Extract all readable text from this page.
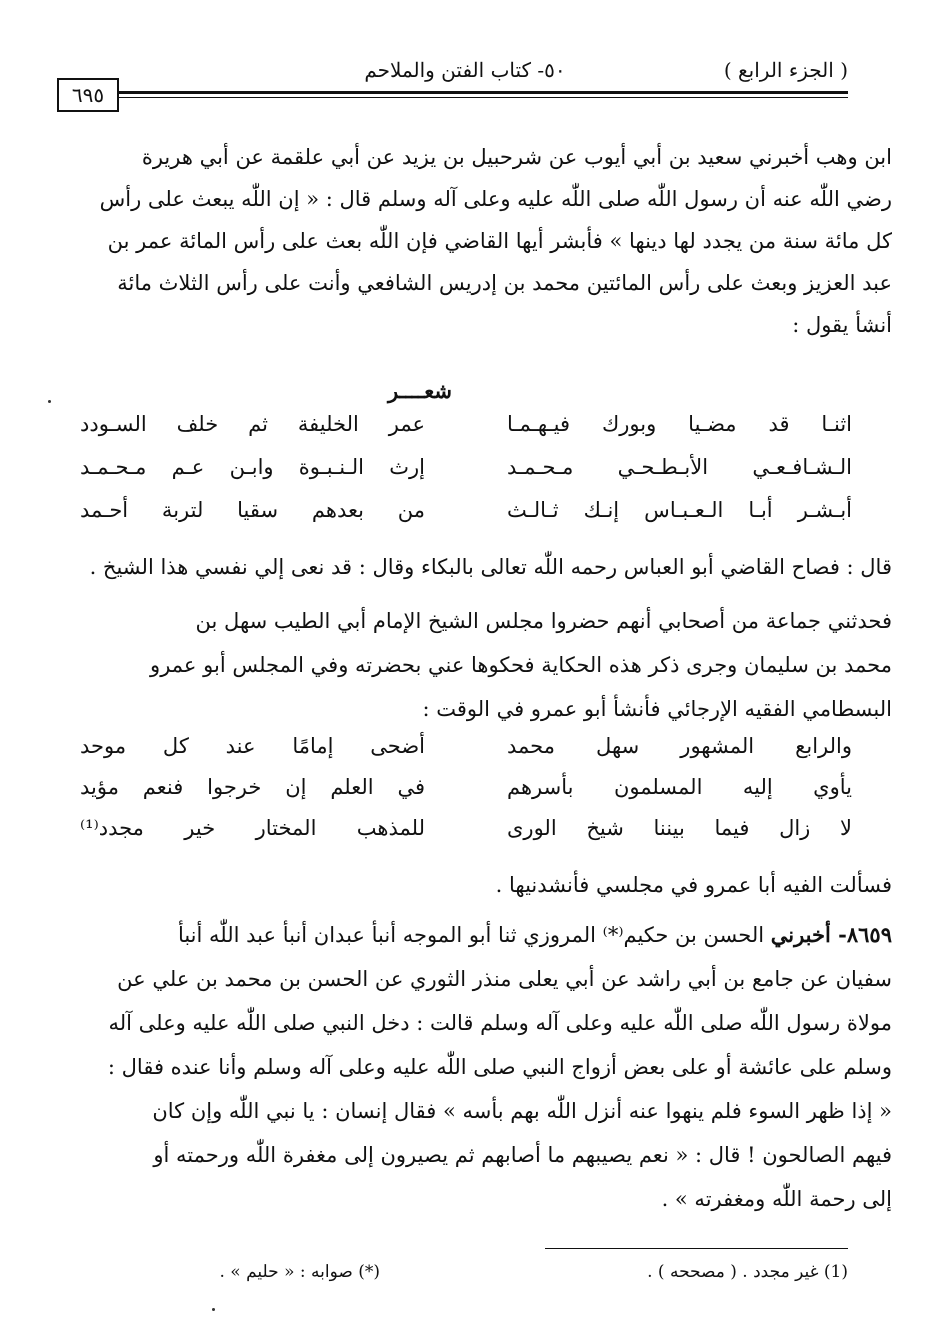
( الجزء الرابع )
٥٠- كتاب الفتن والملاحم
٦٩٥
ابن وهب أخبرني سعيد بن أبي أيوب عن شرحبيل بن يزيد عن أبي علقمة عن أبي هريرة
رضي اللّٰه عنه أن رسول اللّٰه صلى اللّٰه عليه وعلى آله وسلم قال : « إن اللّٰه يبعث على رأس
كل مائة سنة من يجدد لها دينها » فأبشر أيها القاضي فإن اللّٰه بعث على رأس المائة عمر بن
عبد العزيز وبعث على رأس المائتين محمد بن إدريس الشافعي وأنت على رأس الثلاث مائة
أنشأ يقول :
شعــــر
اثنـا قد مضـيا وبورك فيـهـمـا
عمر الخليفة ثم خلف السـودد
الـشـافـعـي الأبـطـحـي مـحـمـد
إرث الـنـبـوة وابـن عـم مـحـمـد
أبـشـر أبـا الـعـبـاس إنـك ثـالـث
من بعدهم سقيا لتربة أحـمد
قال : فصاح القاضي أبو العباس رحمه اللّٰه تعالى بالبكاء وقال : قد نعى إلي نفسي هذا الشيخ .
فحدثني جماعة من أصحابي أنهم حضروا مجلس الشيخ الإمام أبي الطيب سهل بن
محمد بن سليمان وجرى ذكر هذه الحكاية فحكوها عني بحضرته وفي المجلس أبو عمرو
البسطامي الفقيه الإرجائي فأنشأ أبو عمرو في الوقت :
والرابع المشهور سهل محمد
أضحى إمامًا عند كل موحد
يأوي إليه المسلمون بأسرهم
في العلم إن خرجوا فنعم مؤيد
لا زال فيما بيننا شيخ الورى
للمذهب المختار خير مجدد⁽¹⁾
فسألت الفيه أبا عمرو في مجلسي فأنشدنيها .
٨٦٥٩- أخبرني الحسن بن حكيم⁽*⁾ المروزي ثنا أبو الموجه أنبأ عبدان أنبأ عبد اللّٰه أنبأ
سفيان عن جامع بن أبي راشد عن أبي يعلى منذر الثوري عن الحسن بن محمد بن علي عن
مولاة رسول اللّٰه صلى اللّٰه عليه وعلى آله وسلم قالت : دخل النبي صلى اللّٰه عليه وعلى آله
وسلم على عائشة أو على بعض أزواج النبي صلى اللّٰه عليه وعلى آله وسلم وأنا عنده فقال :
« إذا ظهر السوء فلم ينهوا عنه أنزل اللّٰه بهم بأسه » فقال إنسان : يا نبي اللّٰه وإن كان
فيهم الصالحون ! قال : « نعم يصيبهم ما أصابهم ثم يصيرون إلى مغفرة اللّٰه ورحمته أو
إلى رحمة اللّٰه ومغفرته » .
(1) غير مجدد . ( مصححه ) .
(*) صوابه : « حليم » .
